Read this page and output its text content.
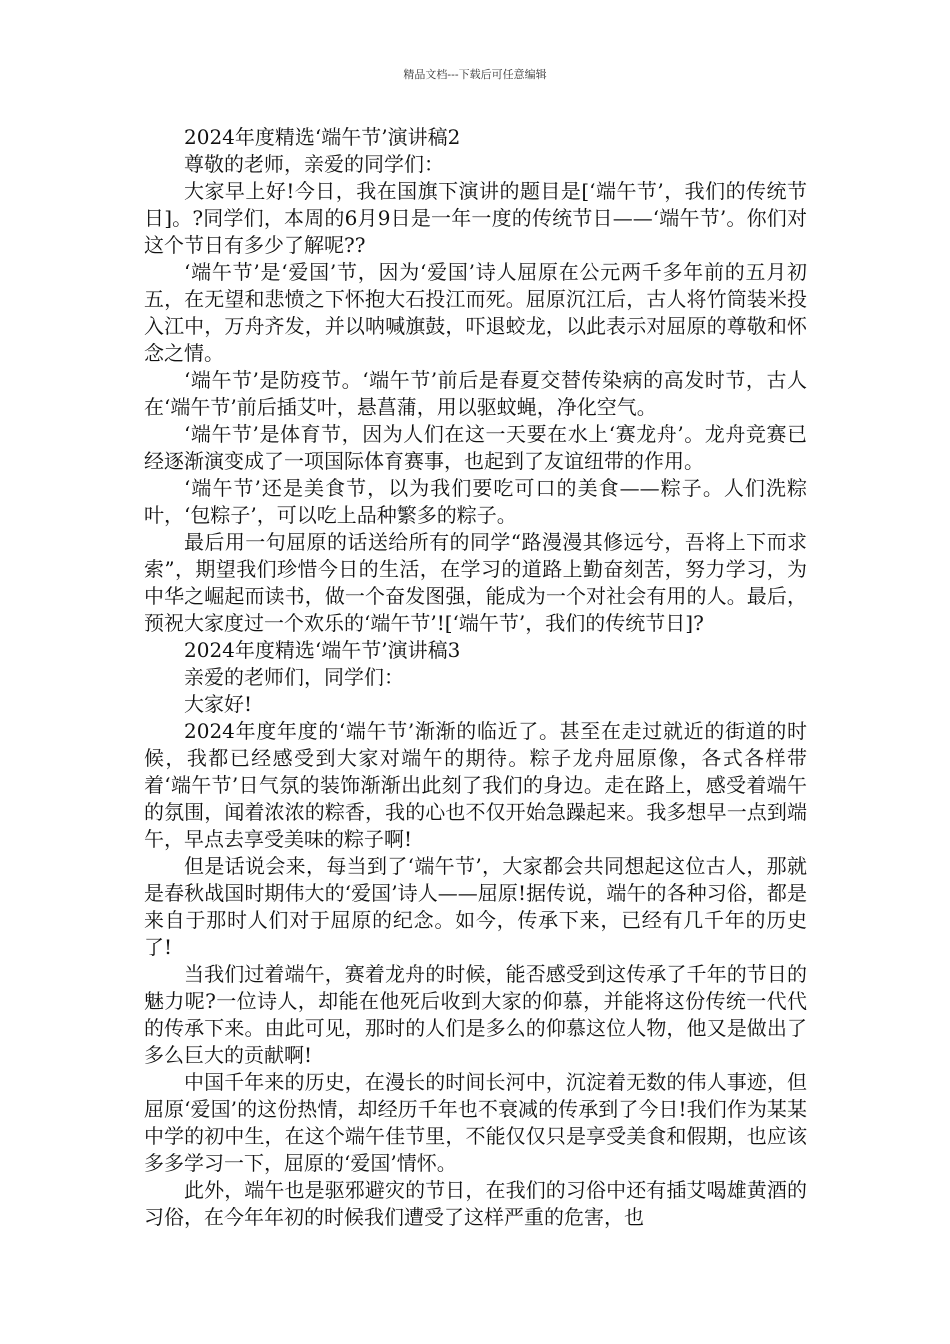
精品文档---下载后可任意编辑

2024年度精选‘端午节’演讲稿2

尊敬的老师，亲爱的同学们：

大家早上好!今日，我在国旗下演讲的题目是[‘端午节’，我们的传统节日]。?同学们，本周的6月9日是一年一度的传统节日——‘端午节’。你们对这个节日有多少了解呢??

‘端午节’是‘爱国’节，因为‘爱国’诗人屈原在公元两千多年前的五月初五，在无望和悲愤之下怀抱大石投江而死。屈原沉江后，古人将竹筒装米投入江中，万舟齐发，并以呐喊旗鼓，吓退蛟龙，以此表示对屈原的尊敬和怀念之情。

‘端午节’是防疫节。‘端午节’前后是春夏交替传染病的高发时节，古人在‘端午节’前后插艾叶，悬菖蒲，用以驱蚊蝇，净化空气。

‘端午节’是体育节，因为人们在这一天要在水上‘赛龙舟’。龙舟竞赛已经逐渐演变成了一项国际体育赛事，也起到了友谊纽带的作用。

‘端午节’还是美食节，以为我们要吃可口的美食——粽子。人们洗粽叶，‘包粽子’，可以吃上品种繁多的粽子。

最后用一句屈原的话送给所有的同学“路漫漫其修远兮，吾将上下而求索”，期望我们珍惜今日的生活，在学习的道路上勤奋刻苦，努力学习，为中华之崛起而读书，做一个奋发图强，能成为一个对社会有用的人。最后，预祝大家度过一个欢乐的‘端午节’![‘端午节’，我们的传统节日]?

2024年度精选‘端午节’演讲稿3

亲爱的老师们，同学们：

大家好!

2024年度年度的‘端午节’渐渐的临近了。甚至在走过就近的街道的时候，我都已经感受到大家对端午的期待。粽子龙舟屈原像，各式各样带着‘端午节’日气氛的装饰渐渐出此刻了我们的身边。走在路上，感受着端午的氛围，闻着浓浓的粽香，我的心也不仅开始急躁起来。我多想早一点到端午，早点去享受美味的粽子啊!

但是话说会来，每当到了‘端午节’，大家都会共同想起这位古人，那就是春秋战国时期伟大的‘爱国’诗人——屈原!据传说，端午的各种习俗，都是来自于那时人们对于屈原的纪念。如今，传承下来，已经有几千年的历史了!

当我们过着端午，赛着龙舟的时候，能否感受到这传承了千年的节日的魅力呢?一位诗人，却能在他死后收到大家的仰慕，并能将这份传统一代代的传承下来。由此可见，那时的人们是多么的仰慕这位人物，他又是做出了多么巨大的贡献啊!

中国千年来的历史，在漫长的时间长河中，沉淀着无数的伟人事迹，但屈原‘爱国’的这份热情，却经历千年也不衰减的传承到了今日!我们作为某某中学的初中生，在这个端午佳节里，不能仅仅只是享受美食和假期，也应该多多学习一下，屈原的‘爱国’情怀。

此外，端午也是驱邪避灾的节日，在我们的习俗中还有插艾喝雄黄酒的习俗，在今年年初的时候我们遭受了这样严重的危害，也
